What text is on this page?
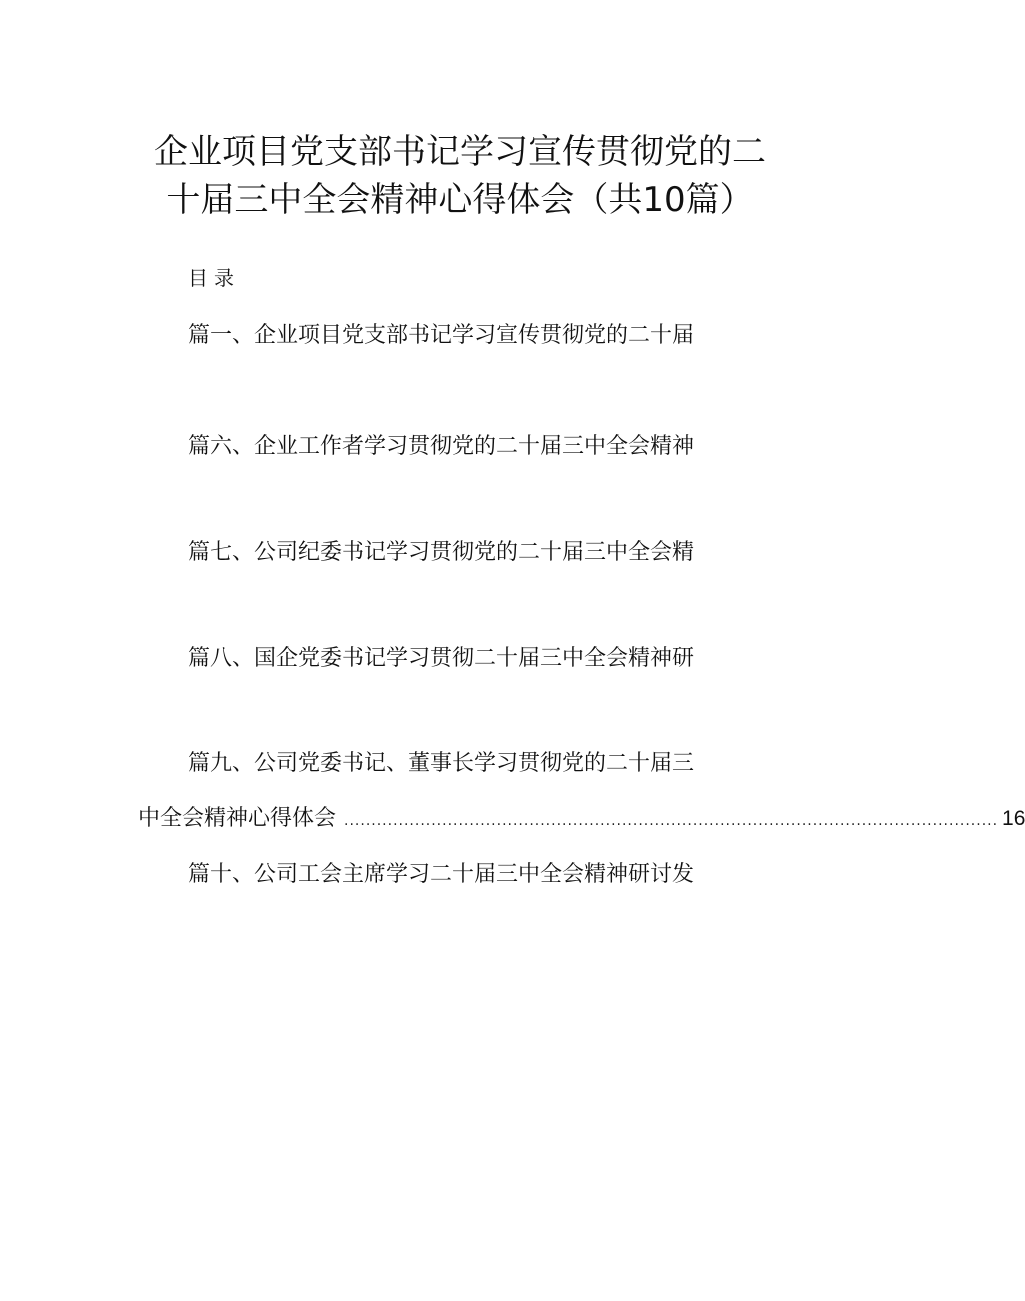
企业项目党支部书记学习宣传贯彻党的二
十届三中全会精神心得体会（共10篇）
目录
篇一、企业项目党支部书记学习宣传贯彻党的二十届
篇六、企业工作者学习贯彻党的二十届三中全会精神
篇七、公司纪委书记学习贯彻党的二十届三中全会精
篇八、国企党委书记学习贯彻二十届三中全会精神研
篇九、公司党委书记、董事长学习贯彻党的二十届三
中全会精神心得体会 ........................................................................................................................ 16
篇十、公司工会主席学习二十届三中全会精神研讨发
